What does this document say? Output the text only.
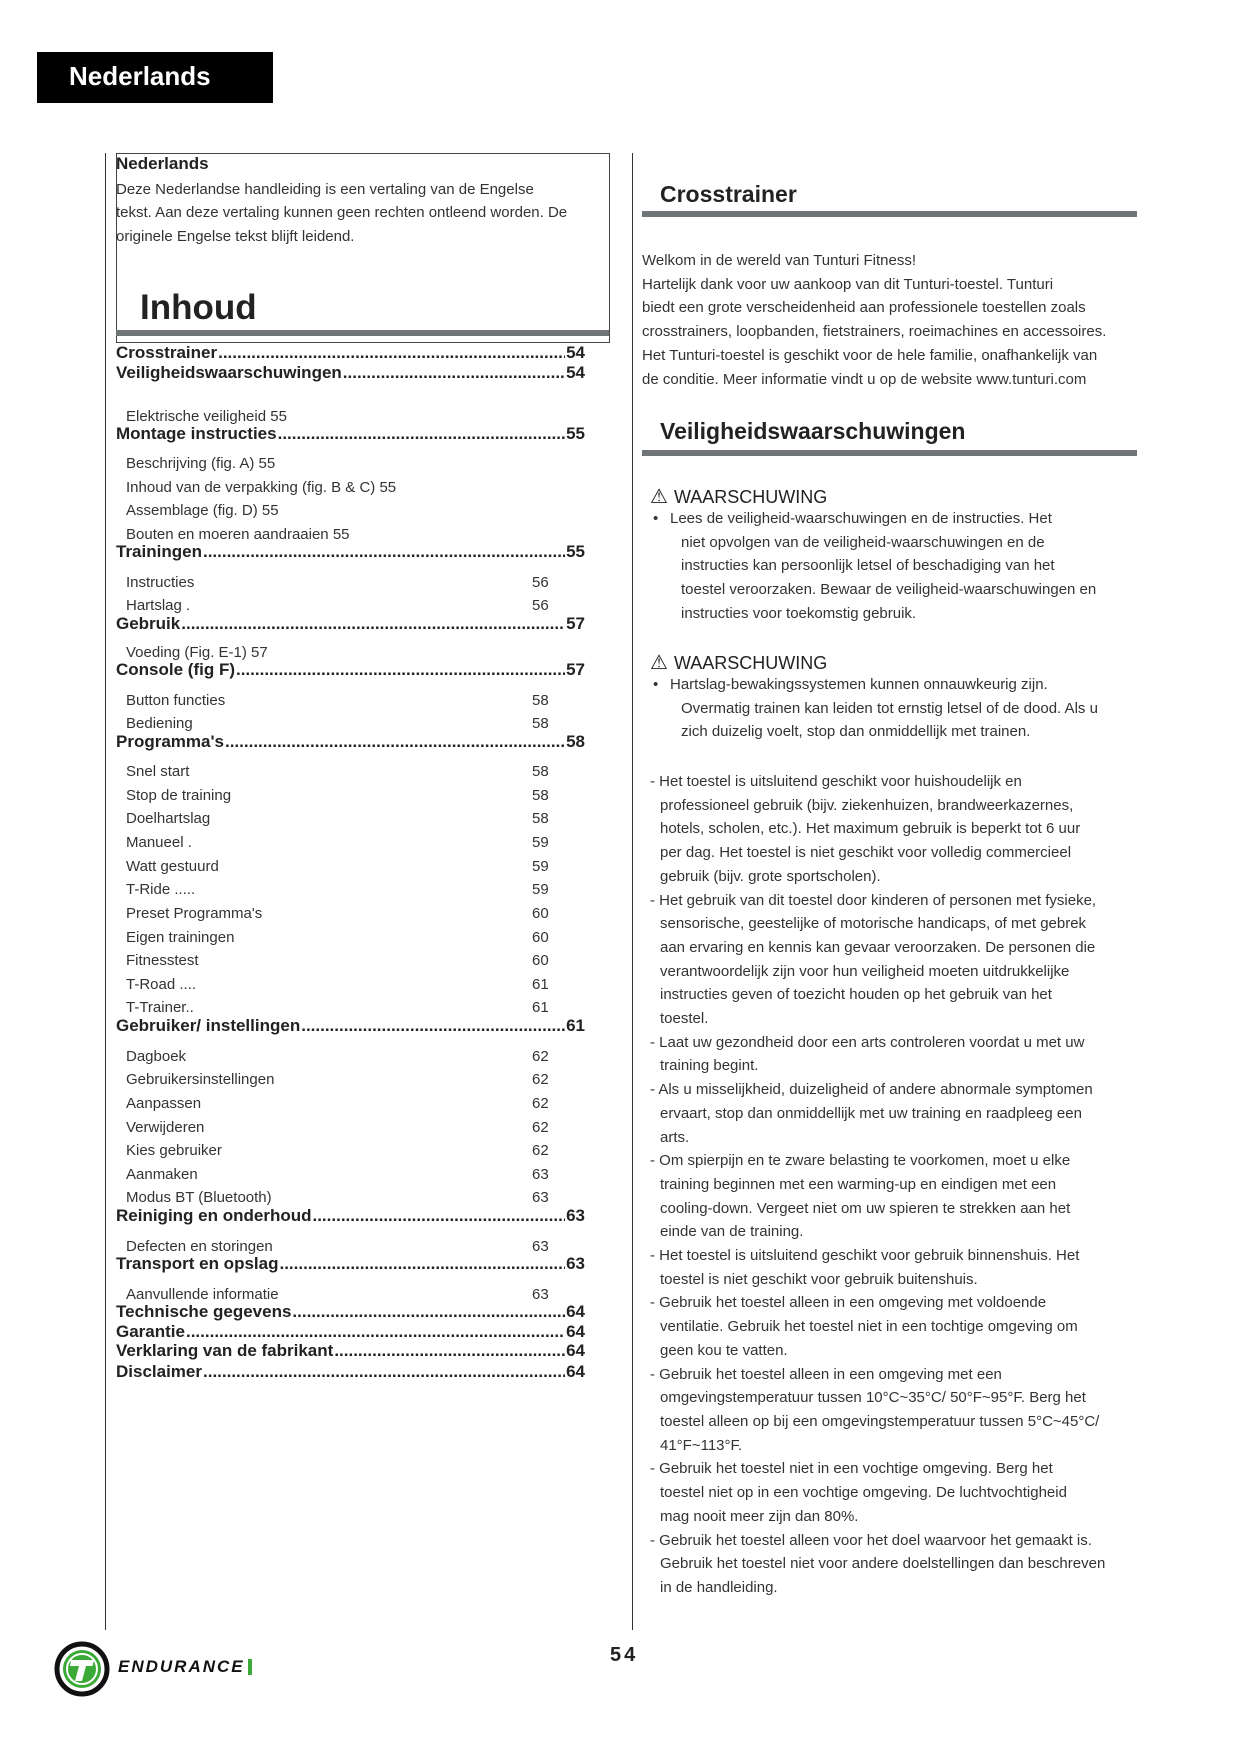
Nederlands
Nederlands
Deze Nederlandse handleiding is een vertaling van de Engelse
tekst. Aan deze vertaling kunnen geen rechten ontleend worden. De
originele Engelse tekst blijft leidend.
Inhoud
Crosstrainer .....	54
Veiligheidswaarschuwingen .....	54
Elektrische veiligheid 55
Montage instructies .....	55
Beschrijving (fig. A) 55
Inhoud van de verpakking (fig. B & C) 55
Assemblage (fig. D) 55
Bouten en moeren aandraaien 55
Trainingen .....	55
Instructies	56
Hartslag .	56
Gebruik .....	57
Voeding (Fig. E-1) 57
Console (fig F) .....	57
Button functies	58
Bediening	58
Programma's .....	58
Snel start	58
Stop de training	58
Doelhartslag	58
Manueel .	59
Watt gestuurd	59
T-Ride .....	59
Preset Programma's	60
Eigen trainingen	60
Fitnesstest	60
T-Road ....	61
T-Trainer..	61
Gebruiker/ instellingen .....	61
Dagboek	62
Gebruikersinstellingen	62
Aanpassen	62
Verwijderen	62
Kies gebruiker	62
Aanmaken	63
Modus BT (Bluetooth)	63
Reiniging en onderhoud .....	63
Defecten en storingen	63
Transport en opslag .....	63
Aanvullende informatie	63
Technische gegevens .....	64
Garantie .....	64
Verklaring van de fabrikant .....	64
Disclaimer .....	64
Crosstrainer
Welkom in de wereld van Tunturi Fitness!
Hartelijk dank voor uw aankoop van dit Tunturi-toestel. Tunturi
biedt een grote verscheidenheid aan professionele toestellen zoals
crosstrainers, loopbanden, fietstrainers, roeimachines en accessoires.
Het Tunturi-toestel is geschikt voor de hele familie, onafhankelijk van
de conditie. Meer informatie vindt u op de website www.tunturi.com
Veiligheidswaarschuwingen
⚠ WAARSCHUWING
Lees de veiligheid-waarschuwingen en de instructies. Het
•
niet opvolgen van de veiligheid-waarschuwingen en de
instructies kan persoonlijk letsel of beschadiging van het
toestel veroorzaken. Bewaar de veiligheid-waarschuwingen en
instructies voor toekomstig gebruik.
⚠ WAARSCHUWING
Hartslag-bewakingssystemen kunnen onnauwkeurig zijn.
•
Overmatig trainen kan leiden tot ernstig letsel of de dood. Als u
zich duizelig voelt, stop dan onmiddellijk met trainen.
- Het toestel is uitsluitend geschikt voor huishoudelijk en
professioneel gebruik (bijv. ziekenhuizen, brandweerkazernes,
hotels, scholen, etc.). Het maximum gebruik is beperkt tot 6 uur
per dag. Het toestel is niet geschikt voor volledig commercieel
gebruik (bijv. grote sportscholen).
- Het gebruik van dit toestel door kinderen of personen met fysieke,
sensorische, geestelijke of motorische handicaps, of met gebrek
aan ervaring en kennis kan gevaar veroorzaken. De personen die
verantwoordelijk zijn voor hun veiligheid moeten uitdrukkelijke
instructies geven of toezicht houden op het gebruik van het
toestel.
- Laat uw gezondheid door een arts controleren voordat u met uw
training begint.
- Als u misselijkheid, duizeligheid of andere abnormale symptomen
ervaart, stop dan onmiddellijk met uw training en raadpleeg een
arts.
- Om spierpijn en te zware belasting te voorkomen, moet u elke
training beginnen met een warming-up en eindigen met een
cooling-down. Vergeet niet om uw spieren te strekken aan het
einde van de training.
- Het toestel is uitsluitend geschikt voor gebruik binnenshuis. Het
toestel is niet geschikt voor gebruik buitenshuis.
- Gebruik het toestel alleen in een omgeving met voldoende
ventilatie. Gebruik het toestel niet in een tochtige omgeving om
geen kou te vatten.
- Gebruik het toestel alleen in een omgeving met een
omgevingstemperatuur tussen 10°C~35°C/ 50°F~95°F. Berg het
toestel alleen op bij een omgevingstemperatuur tussen 5°C~45°C/
41°F~113°F.
- Gebruik het toestel niet in een vochtige omgeving. Berg het
toestel niet op in een vochtige omgeving. De luchtvochtigheid
mag nooit meer zijn dan 80%.
- Gebruik het toestel alleen voor het doel waarvoor het gemaakt is.
Gebruik het toestel niet voor andere doelstellingen dan beschreven
in de handleiding.
ENDURANCE
54
